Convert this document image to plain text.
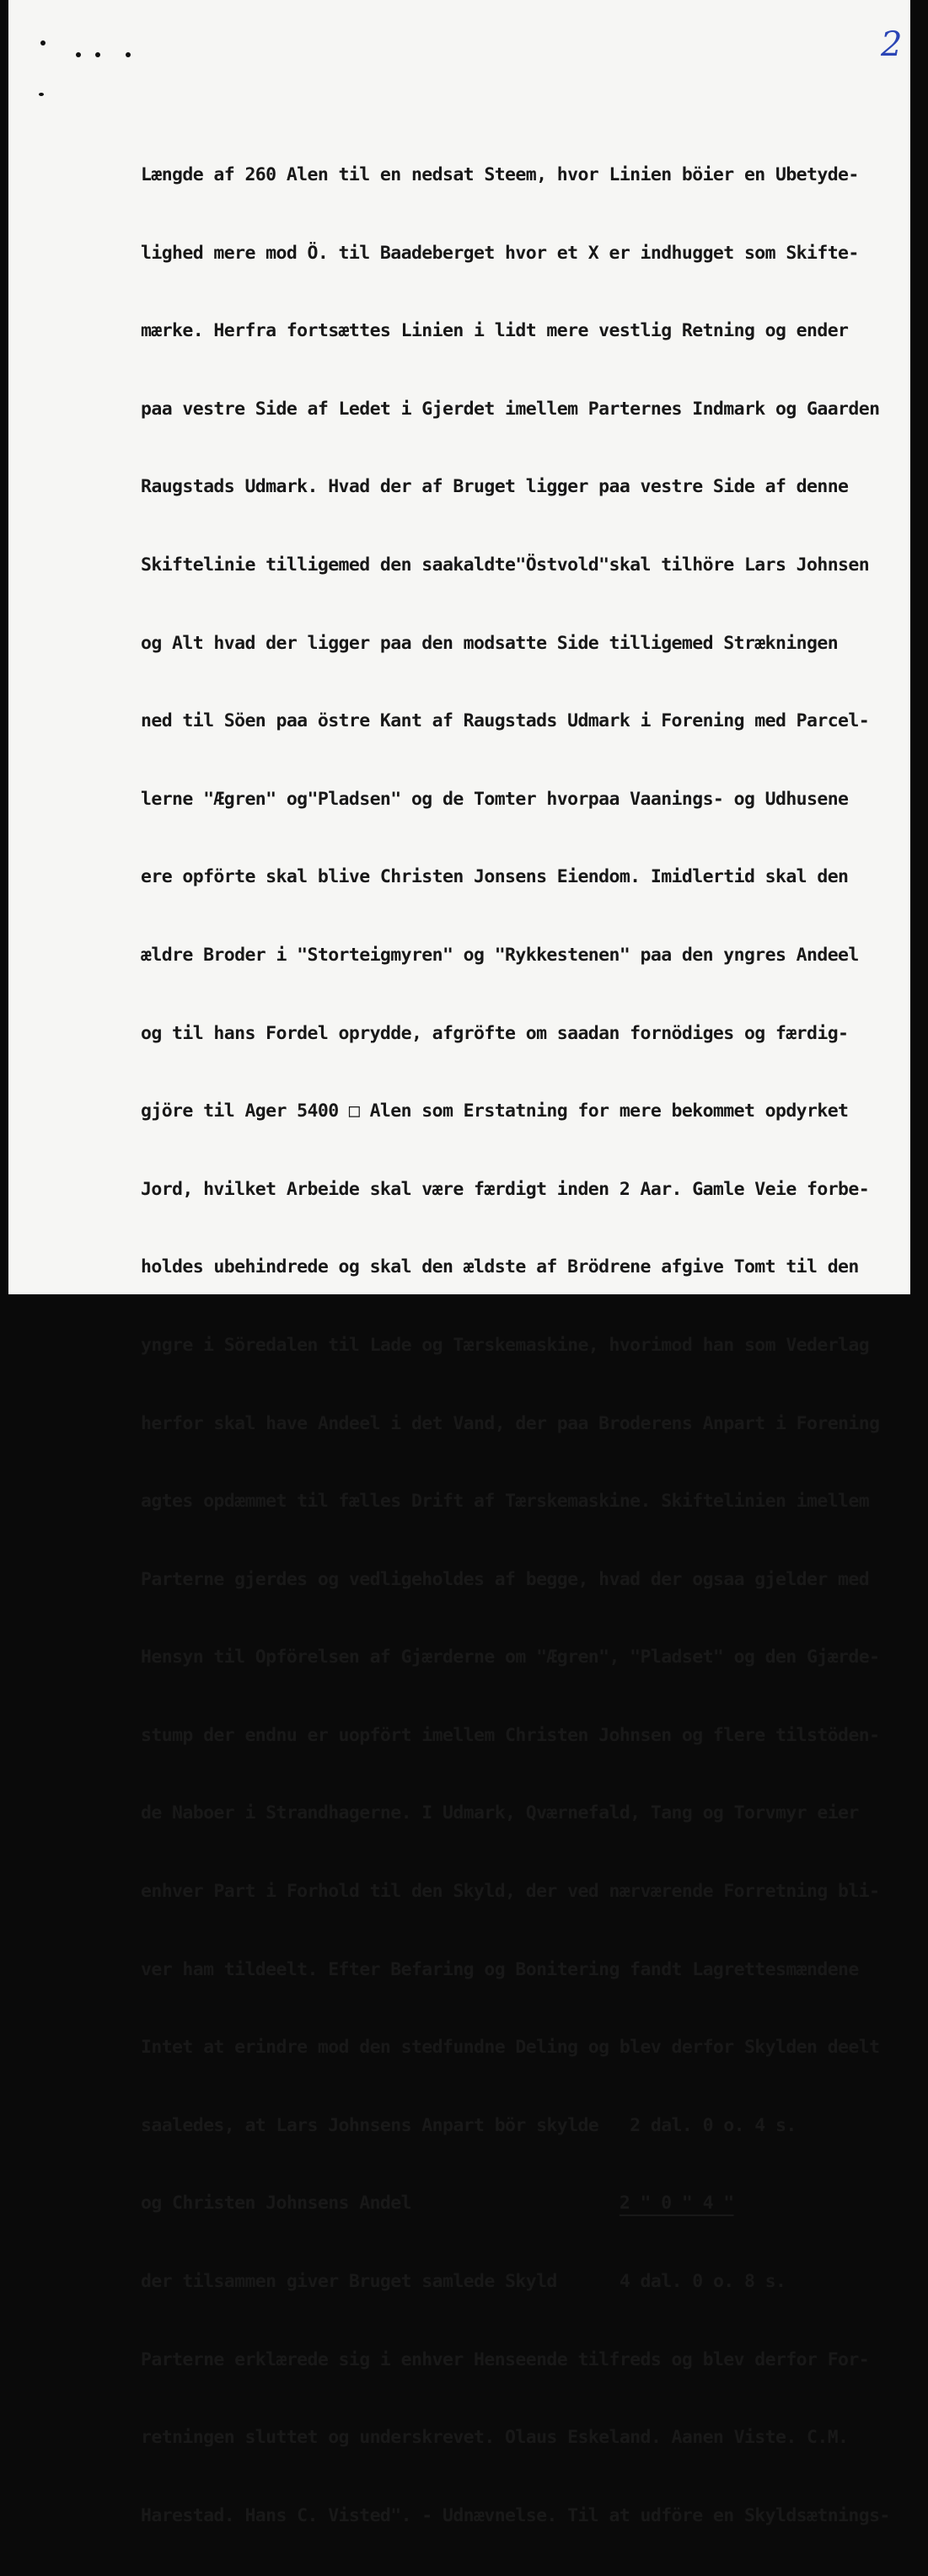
2

Længde af 260 Alen til en nedsat Steem, hvor Linien böier en Ubetyde-

lighed mere mod Ö. til Baadeberget hvor et X er indhugget som Skifte-

mærke. Herfra fortsættes Linien i lidt mere vestlig Retning og ender

paa vestre Side af Ledet i Gjerdet imellem Parternes Indmark og Gaarden

Raugstads Udmark. Hvad der af Bruget ligger paa vestre Side af denne

Skiftelinie tilligemed den saakaldte"Östvold"skal tilhöre Lars Johnsen

og Alt hvad der ligger paa den modsatte Side tilligemed Strækningen

ned til Söen paa östre Kant af Raugstads Udmark i Forening med Parcel-

lerne "Ægren" og"Pladsen" og de Tomter hvorpaa Vaanings- og Udhusene

ere opförte skal blive Christen Jonsens Eiendom. Imidlertid skal den

ældre Broder i "Storteigmyren" og "Rykkestenen" paa den yngres Andeel

og til hans Fordel oprydde, afgröfte om saadan fornödiges og færdig-

gjöre til Ager 5400 □ Alen som Erstatning for mere bekommet opdyrket

Jord, hvilket Arbeide skal være færdigt inden 2 Aar. Gamle Veie forbe-

holdes ubehindrede og skal den ældste af Brödrene afgive Tomt til den

yngre i Söredalen til Lade og Tærskemaskine, hvorimod han som Vederlag

herfor skal have Andeel i det Vand, der paa Broderens Anpart i Forening

agtes opdæmmet til fælles Drift af Tærskemaskine. Skiftelinien imellem

Parterne gjerdes og vedligeholdes af begge, hvad der ogsaa gjelder med

Hensyn til Opförelsen af Gjærderne om "Ægren", "Pladset" og den Gjærde-

stump der endnu er uopfört imellem Christen Johnsen og flere tilstöden-

de Naboer i Strandhagerne. I Udmark, Qværnefald, Tang og Torvmyr eier

enhver Part i Forhold til den Skyld, der ved nærværende Forretning bli-

ver ham tildeelt. Efter Befaring og Bonitering fandt Lagrettesmændene

Intet at erindre mod den stedfundne Deling og blev derfor Skylden deelt

saaledes, at Lars Johnsens Anpart bör skylde   2 dal. 0 o. 4 s.

og Christen Johnsens Andel	2 " 0 " 4 "

der tilsammen giver Bruget samlede Skyld	4 dal. 0 o. 8 s.

Parterne erklærede sig i enhver Henseende tilfreds og blev derfor For-

retningen sluttet og underskrevet. Olaus Eskeland. Aanen Viste. C.M.

Harestad. Hans C. Visted". - Udnævnelse. Til at udföre en Skyldsætnings-
